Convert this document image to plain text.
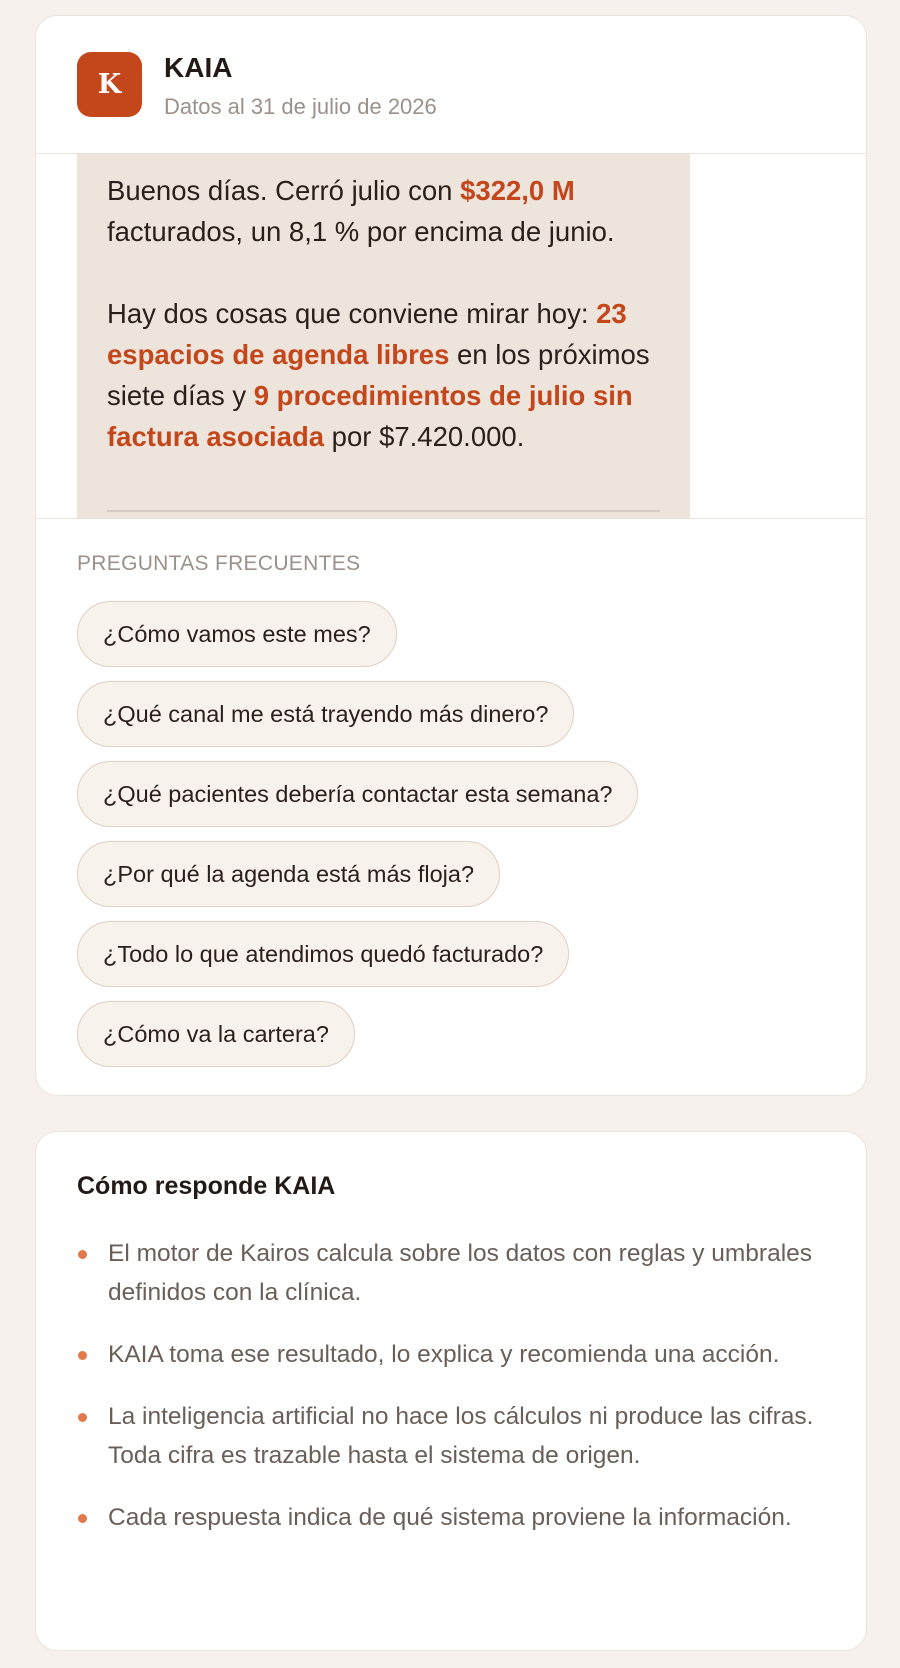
K
KAIA
Datos al 31 de julio de 2026

Buenos días. Cerró julio con $322,0 M facturados, un 8,1 % por encima de junio.

Hay dos cosas que conviene mirar hoy: 23 espacios de agenda libres en los próximos siete días y 9 procedimientos de julio sin factura asociada por $7.420.000.

PREGUNTAS FRECUENTES
¿Cómo vamos este mes?
¿Qué canal me está trayendo más dinero?
¿Qué pacientes debería contactar esta semana?
¿Por qué la agenda está más floja?
¿Todo lo que atendimos quedó facturado?
¿Cómo va la cartera?
Cómo responde KAIA
El motor de Kairos calcula sobre los datos con reglas y umbrales definidos con la clínica.
KAIA toma ese resultado, lo explica y recomienda una acción.
La inteligencia artificial no hace los cálculos ni produce las cifras. Toda cifra es trazable hasta el sistema de origen.
Cada respuesta indica de qué sistema proviene la información.
